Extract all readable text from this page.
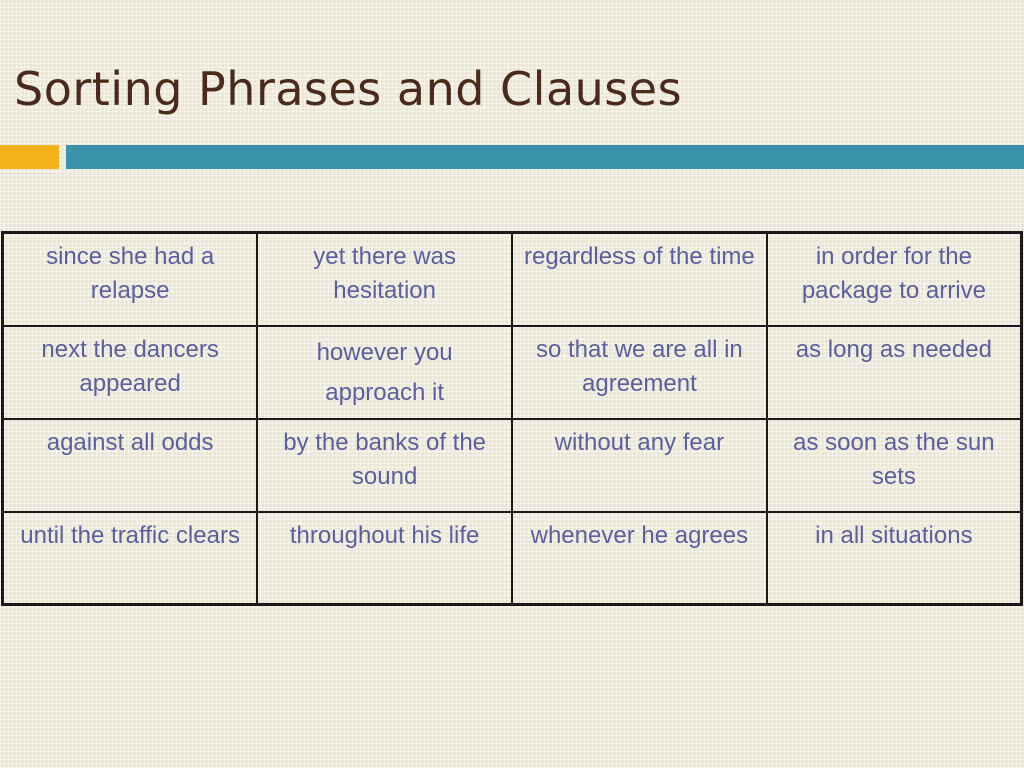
Sorting Phrases and Clauses
since she had a relapse	yet there was hesitation	regardless of the time	in order for the package to arrive
next the dancers appeared	however you approach it	so that we are all in agreement	as long as needed
against all odds	by the banks of the sound	without any fear	as soon as the sun sets
until the traffic clears	throughout his life	whenever he agrees	in all situations
